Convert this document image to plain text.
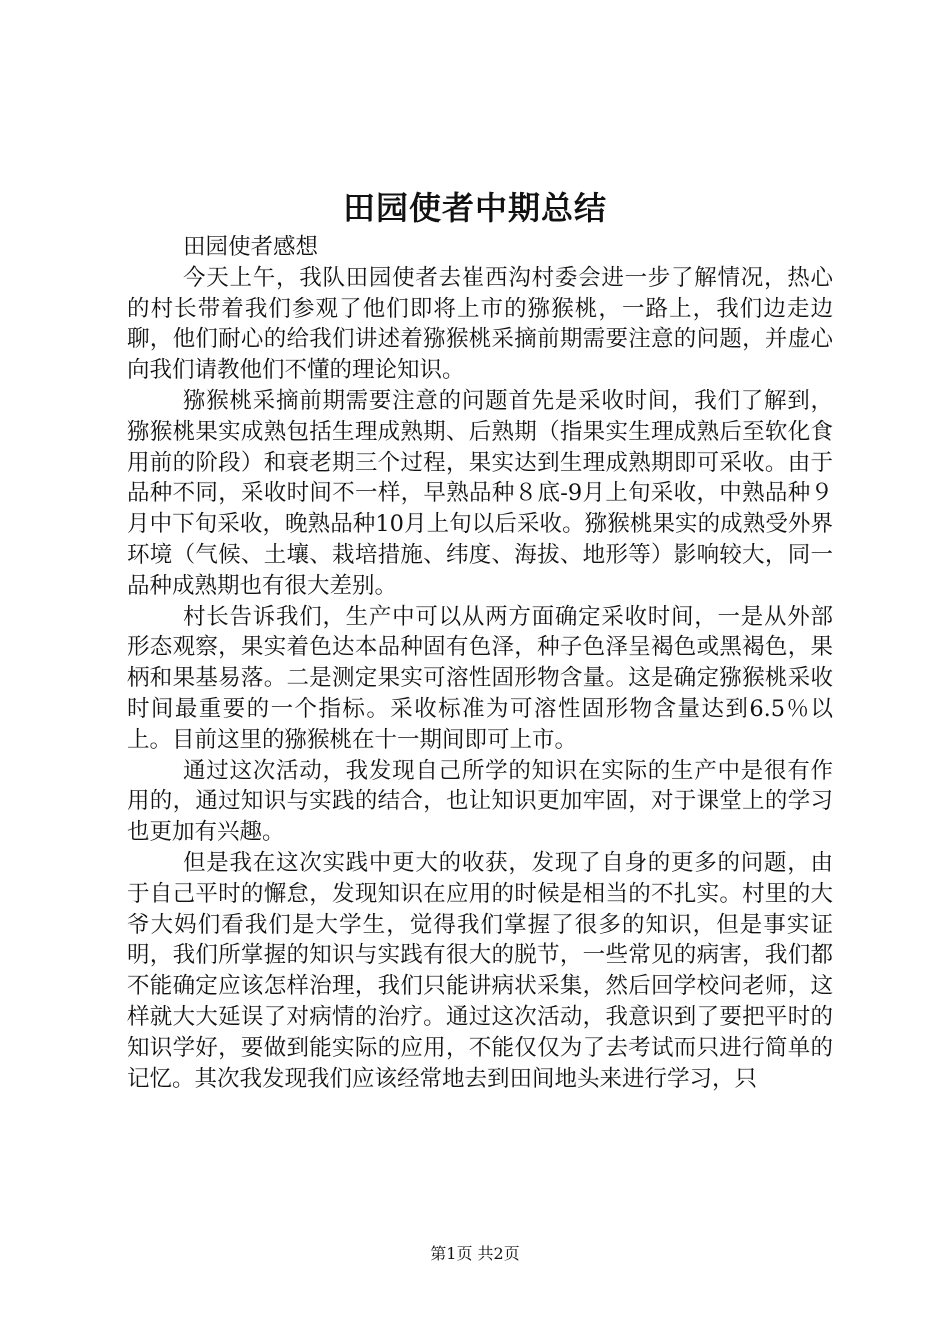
田园使者中期总结

田园使者感想

今天上午，我队田园使者去崔西沟村委会进一步了解情况，热心的村长带着我们参观了他们即将上市的猕猴桃，一路上，我们边走边聊，他们耐心的给我们讲述着猕猴桃采摘前期需要注意的问题，并虚心向我们请教他们不懂的理论知识。

猕猴桃采摘前期需要注意的问题首先是采收时间，我们了解到，猕猴桃果实成熟包括生理成熟期、后熟期（指果实生理成熟后至软化食用前的阶段）和衰老期三个过程，果实达到生理成熟期即可采收。由于品种不同，采收时间不一样，早熟品种８底-9月上旬采收，中熟品种９月中下旬采收，晚熟品种10月上旬以后采收。猕猴桃果实的成熟受外界环境（气候、土壤、栽培措施、纬度、海拔、地形等）影响较大，同一品种成熟期也有很大差别。

村长告诉我们，生产中可以从两方面确定采收时间，一是从外部形态观察，果实着色达本品种固有色泽，种子色泽呈褐色或黑褐色，果柄和果基易落。二是测定果实可溶性固形物含量。这是确定猕猴桃采收时间最重要的一个指标。采收标准为可溶性固形物含量达到6.5％以上。目前这里的猕猴桃在十一期间即可上市。

通过这次活动，我发现自己所学的知识在实际的生产中是很有作用的，通过知识与实践的结合，也让知识更加牢固，对于课堂上的学习也更加有兴趣。

但是我在这次实践中更大的收获，发现了自身的更多的问题，由于自己平时的懈怠，发现知识在应用的时候是相当的不扎实。村里的大爷大妈们看我们是大学生，觉得我们掌握了很多的知识，但是事实证明，我们所掌握的知识与实践有很大的脱节，一些常见的病害，我们都不能确定应该怎样治理，我们只能讲病状采集，然后回学校问老师，这样就大大延误了对病情的治疗。通过这次活动，我意识到了要把平时的知识学好，要做到能实际的应用，不能仅仅为了去考试而只进行简单的记忆。其次我发现我们应该经常地去到田间地头来进行学习，只

第1页 共2页
